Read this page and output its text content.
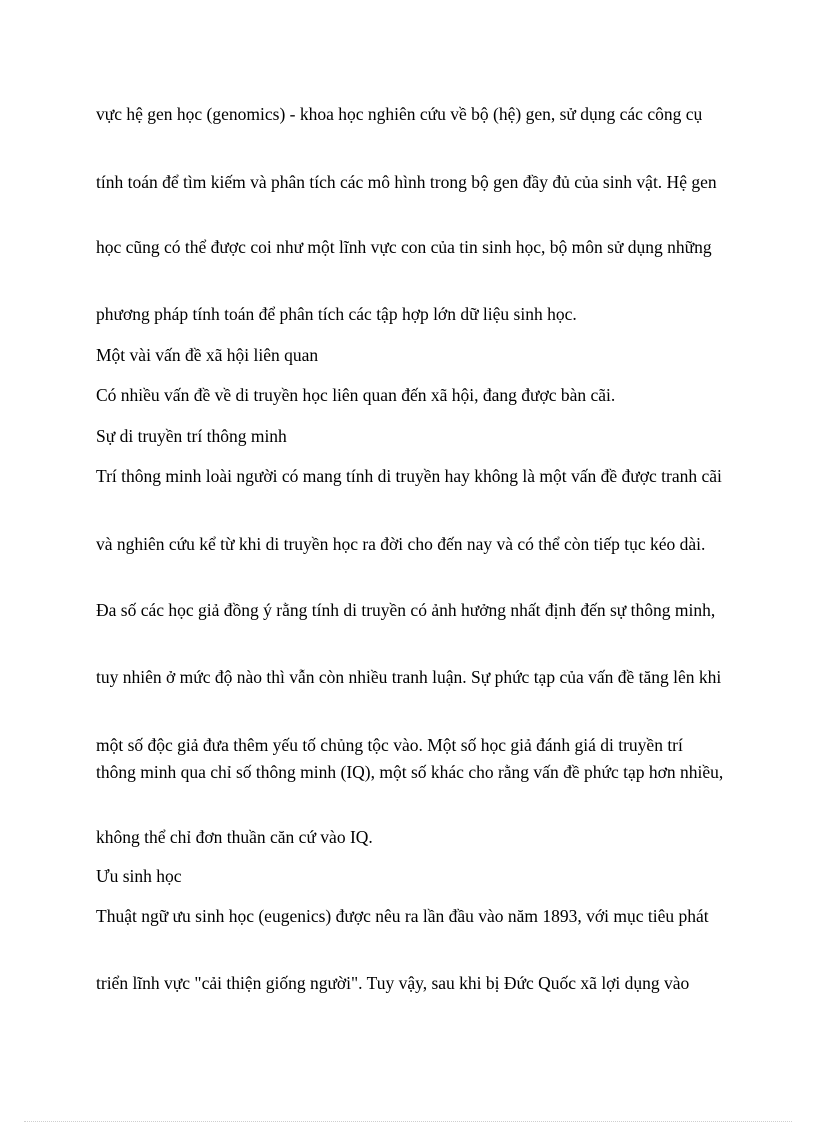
vực hệ gen học (genomics) - khoa học nghiên cứu về bộ (hệ) gen, sử dụng các công cụ

tính toán để tìm kiếm và phân tích các mô hình trong bộ gen đầy đủ của sinh vật. Hệ gen

học cũng có thể được coi như một lĩnh vực con của tin sinh học, bộ môn sử dụng những

phương pháp tính toán để phân tích các tập hợp lớn dữ liệu sinh học.

Một vài vấn đề xã hội liên quan

Có nhiều vấn đề về di truyền học liên quan đến xã hội, đang được bàn cãi.

Sự di truyền trí thông minh

Trí thông minh loài người có mang tính di truyền hay không là một vấn đề được tranh cãi

và nghiên cứu kể từ khi di truyền học ra đời cho đến nay và có thể còn tiếp tục kéo dài.

Đa số các học giả đồng ý rằng tính di truyền có ảnh hưởng nhất định đến sự thông minh,

tuy nhiên ở mức độ nào thì vẫn còn nhiều tranh luận. Sự phức tạp của vấn đề tăng lên khi

một số độc giả đưa thêm yếu tố chủng tộc vào. Một số học giả đánh giá di truyền trí thông minh qua chỉ số thông minh (IQ), một số khác cho rằng vấn đề phức tạp hơn nhiều,

không thể chỉ đơn thuần căn cứ vào IQ.

Ưu sinh học

Thuật ngữ ưu sinh học (eugenics) được nêu ra lần đầu vào năm 1893, với mục tiêu phát

triển lĩnh vực "cải thiện giống người". Tuy vậy, sau khi bị Đức Quốc xã lợi dụng vào
